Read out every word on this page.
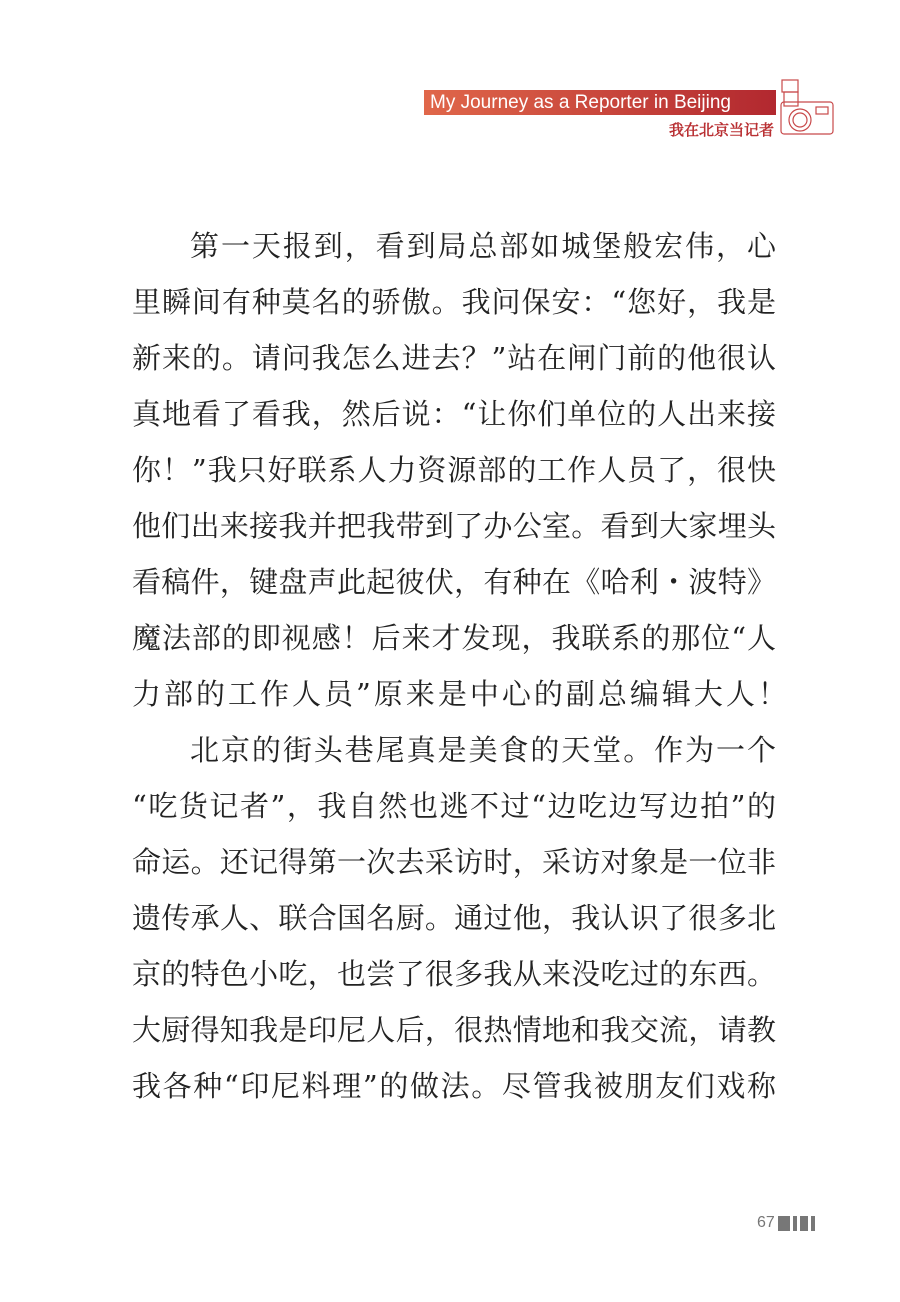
My Journey as a Reporter in Beijing
我在北京当记者
第一天报到，看到局总部如城堡般宏伟，心
里瞬间有种莫名的骄傲。我问保安：“您好，我是
新来的。请问我怎么进去？”站在闸门前的他很认
真地看了看我，然后说：“让你们单位的人出来接
你！”我只好联系人力资源部的工作人员了，很快
他们出来接我并把我带到了办公室。看到大家埋头
看稿件，键盘声此起彼伏，有种在《哈利・波特》
魔法部的即视感！后来才发现，我联系的那位“人
力部的工作人员”原来是中心的副总编辑大人！
北京的街头巷尾真是美食的天堂。作为一个
“吃货记者”，我自然也逃不过“边吃边写边拍”的
命运。还记得第一次去采访时，采访对象是一位非
遗传承人、联合国名厨。通过他，我认识了很多北
京的特色小吃，也尝了很多我从来没吃过的东西。
大厨得知我是印尼人后，很热情地和我交流，请教
我各种“印尼料理”的做法。尽管我被朋友们戏称
67
